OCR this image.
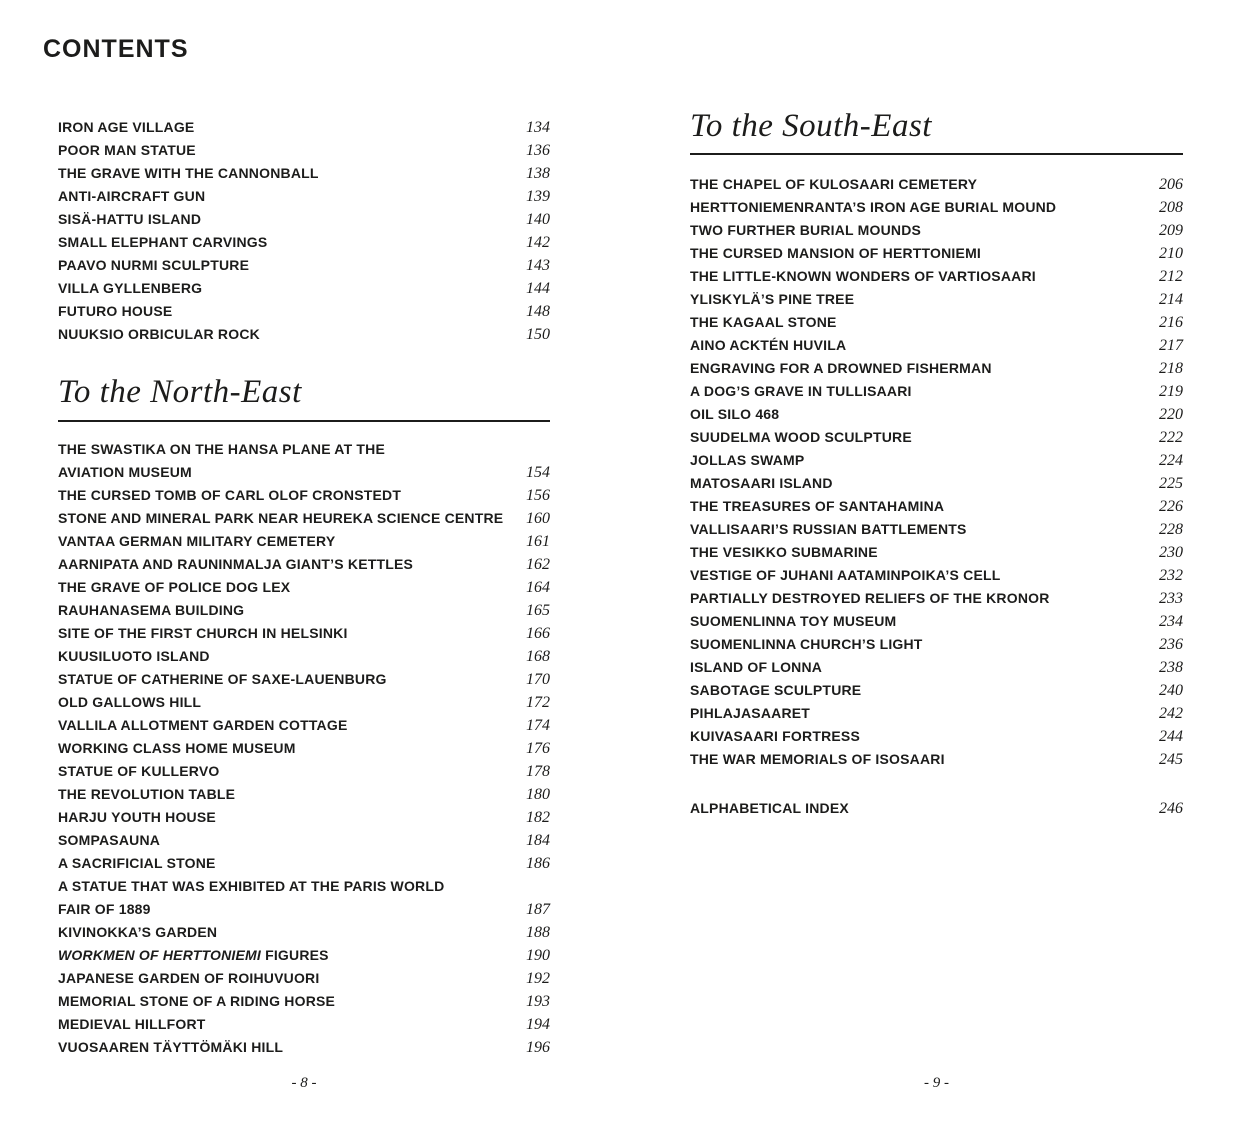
CONTENTS
IRON AGE VILLAGE	134
POOR MAN STATUE	136
THE GRAVE WITH THE CANNONBALL	138
ANTI-AIRCRAFT GUN	139
SISÄ-HATTU ISLAND	140
SMALL ELEPHANT CARVINGS	142
PAAVO NURMI SCULPTURE	143
VILLA GYLLENBERG	144
FUTURO HOUSE	148
NUUKSIO ORBICULAR ROCK	150
To the North-East
THE SWASTIKA ON THE HANSA PLANE AT THE
AVIATION MUSEUM	154
THE CURSED TOMB OF CARL OLOF CRONSTEDT	156
STONE AND MINERAL PARK NEAR HEUREKA SCIENCE CENTRE	160
VANTAA GERMAN MILITARY CEMETERY	161
AARNIPATA AND RAUNINMALJA GIANT’S KETTLES	162
THE GRAVE OF POLICE DOG LEX	164
RAUHANASEMA BUILDING	165
SITE OF THE FIRST CHURCH IN HELSINKI	166
KUUSILUOTO ISLAND	168
STATUE OF CATHERINE OF SAXE-LAUENBURG	170
OLD GALLOWS HILL	172
VALLILA ALLOTMENT GARDEN COTTAGE	174
WORKING CLASS HOME MUSEUM	176
STATUE OF KULLERVO	178
THE REVOLUTION TABLE	180
HARJU YOUTH HOUSE	182
SOMPASAUNA	184
A SACRIFICIAL STONE	186
A STATUE THAT WAS EXHIBITED AT THE PARIS WORLD
FAIR OF 1889	187
KIVINOKKA’S GARDEN	188
WORKMEN OF HERTTONIEMI FIGURES	190
JAPANESE GARDEN OF ROIHUVUORI	192
MEMORIAL STONE OF A RIDING HORSE	193
MEDIEVAL HILLFORT	194
VUOSAAREN TÄYTTÖMÄKI HILL	196
- 8 -
To the South-East
THE CHAPEL OF KULOSAARI CEMETERY	206
HERTTONIEMENRANTA’S IRON AGE BURIAL MOUND	208
TWO FURTHER BURIAL MOUNDS	209
THE CURSED MANSION OF HERTTONIEMI	210
THE LITTLE-KNOWN WONDERS OF VARTIOSAARI	212
YLISKYLÄ’S PINE TREE	214
THE KAGAAL STONE	216
AINO ACKTÉN HUVILA	217
ENGRAVING FOR A DROWNED FISHERMAN	218
A DOG’S GRAVE IN TULLISAARI	219
OIL SILO 468	220
SUUDELMA WOOD SCULPTURE	222
JOLLAS SWAMP	224
MATOSAARI ISLAND	225
THE TREASURES OF SANTAHAMINA	226
VALLISAARI’S RUSSIAN BATTLEMENTS	228
THE VESIKKO SUBMARINE	230
VESTIGE OF JUHANI AATAMINPOIKA’S CELL	232
PARTIALLY DESTROYED RELIEFS OF THE KRONOR	233
SUOMENLINNA TOY MUSEUM	234
SUOMENLINNA CHURCH’S LIGHT	236
ISLAND OF LONNA	238
SABOTAGE SCULPTURE	240
PIHLAJASAARET	242
KUIVASAARI FORTRESS	244
THE WAR MEMORIALS OF ISOSAARI	245
ALPHABETICAL INDEX	246
- 9 -
